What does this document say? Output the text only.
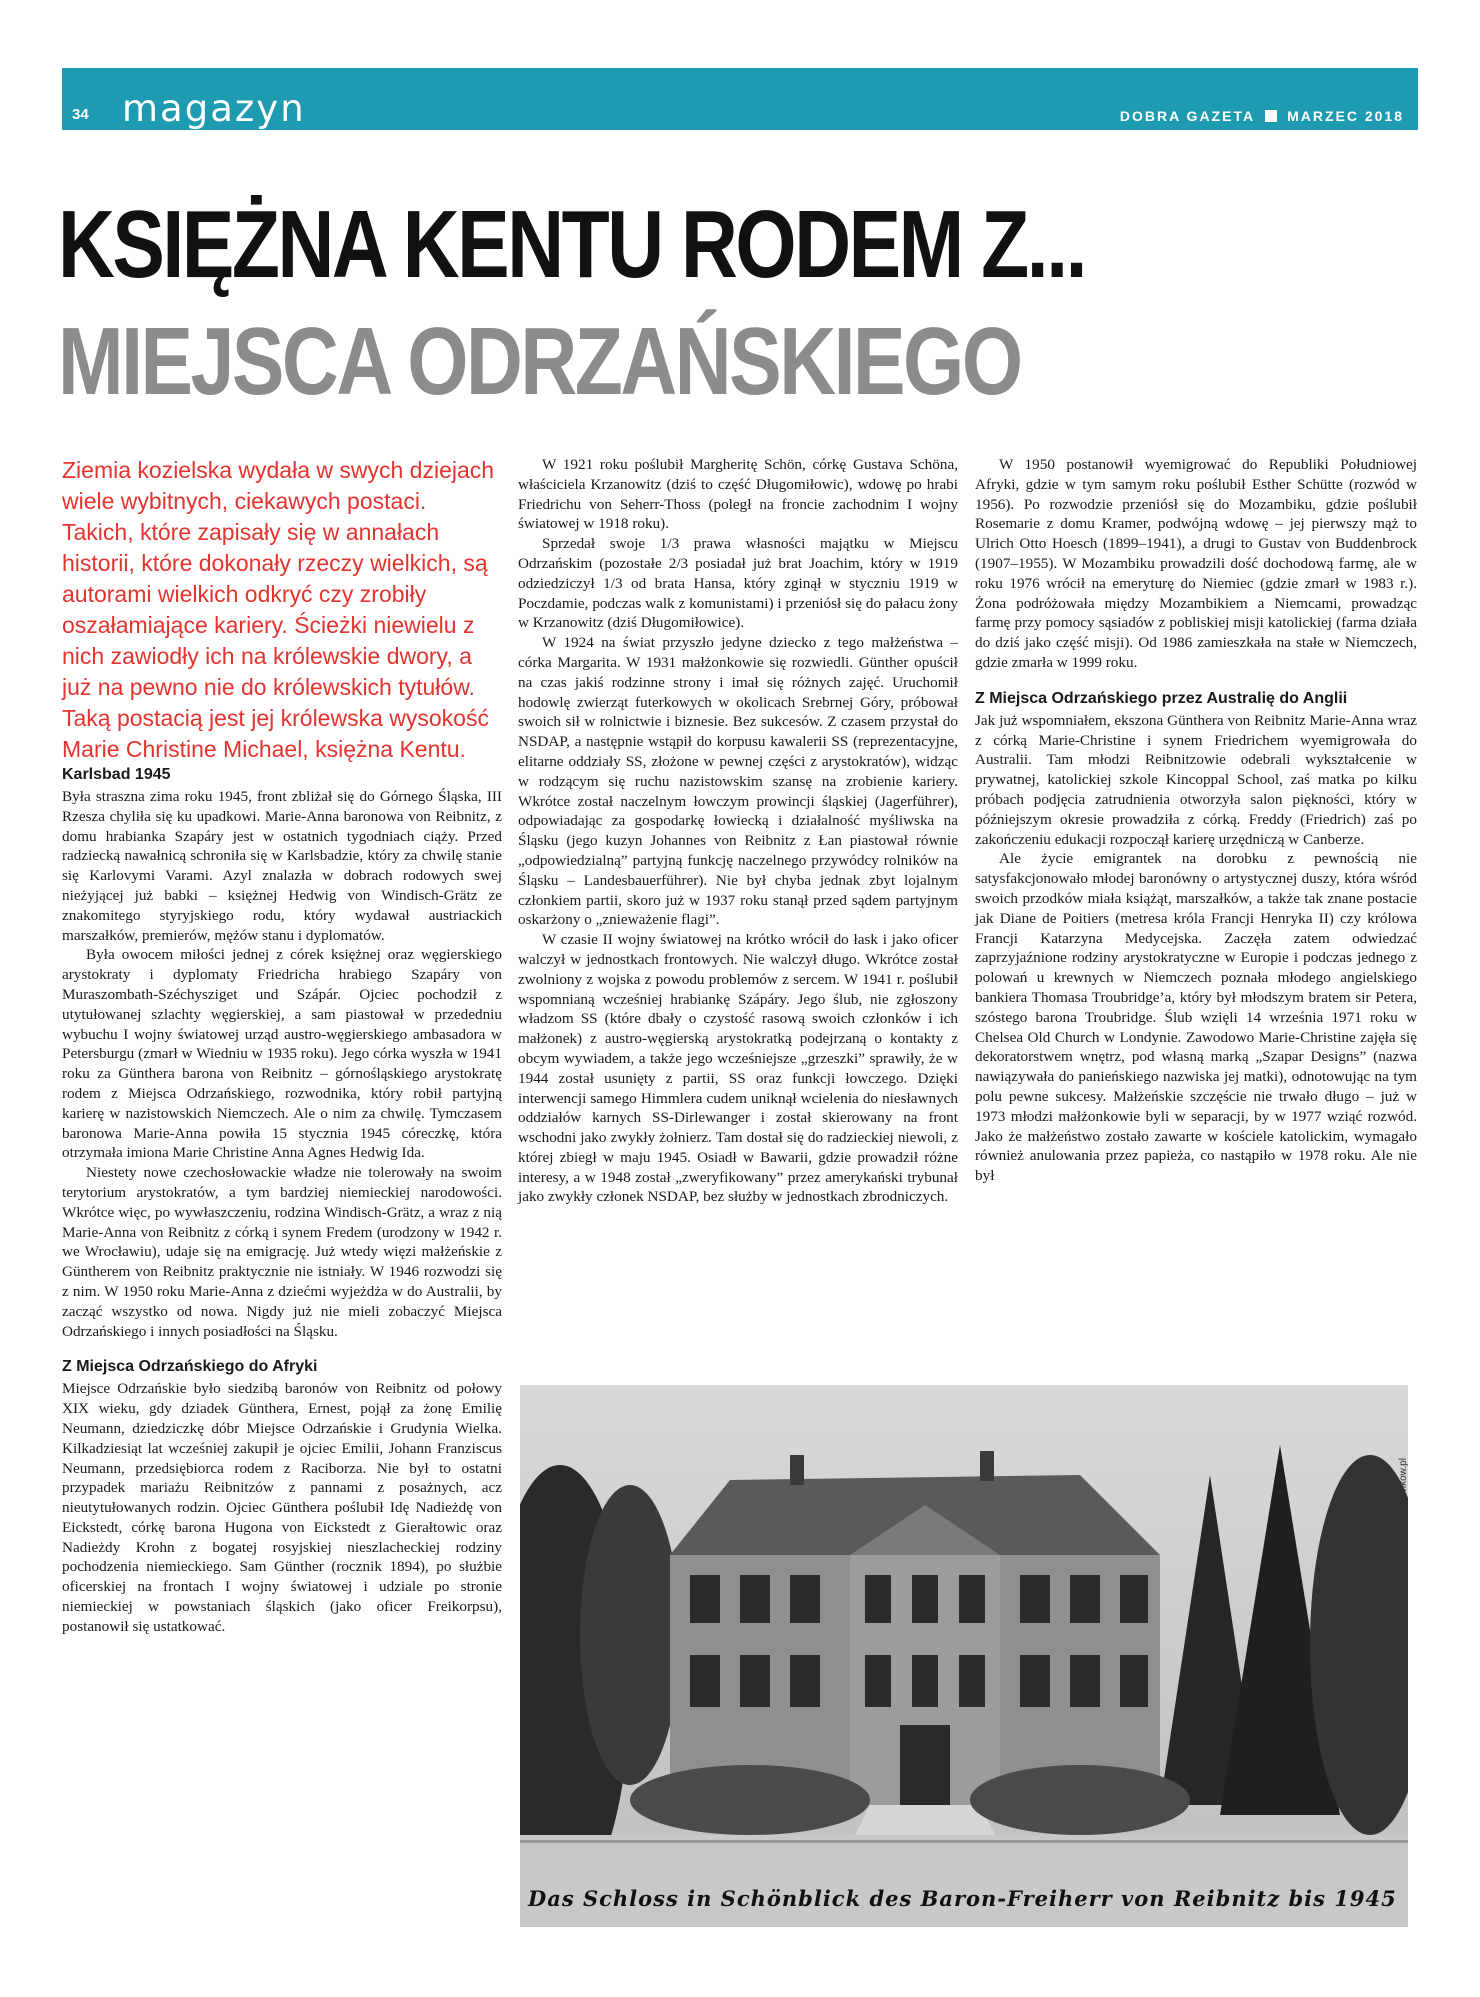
34 magazyn	DOBRA GAZETA MARZEC 2018
KSIĘŻNA KENTU RODEM Z...
MIEJSCA ODRZAŃSKIEGO

Ziemia kozielska wydała w swych dziejach wiele wybitnych, ciekawych postaci. Takich, które zapisały się w annałach historii, które dokonały rzeczy wielkich, są autorami wielkich odkryć czy zrobiły oszałamiające kariery. Ścieżki niewielu z nich zawiodły ich na królewskie dwory, a już na pewno nie do królewskich tytułów. Taką postacią jest jej królewska wysokość Marie Christine Michael, księżna Kentu.

Karlsbad 1945

Była straszna zima roku 1945, front zbliżał się do Górnego Śląska, III Rzesza chyliła się ku upadkowi. Marie-Anna baronowa von Reibnitz, z domu hrabianka Szapáry jest w ostatnich tygodniach ciąży. Przed radziecką nawałnicą schroniła się w Karlsbadzie, który za chwilę stanie się Karlovymi Varami. Azyl znalazła w dobrach rodowych swej nieżyjącej już babki – księżnej Hedwig von Windisch-Grätz ze znakomitego styryjskiego rodu, który wydawał austriackich marszałków, premierów, mężów stanu i dyplomatów.

Była owocem miłości jednej z córek księżnej oraz węgierskiego arystokraty i dyplomaty Friedricha hrabiego Szapáry von Muraszombath-Széchysziget und Szápár. Ojciec pochodził z utytułowanej szlachty węgierskiej, a sam piastował w przededniu wybuchu I wojny światowej urząd austro-węgierskiego ambasadora w Petersburgu (zmarł w Wiedniu w 1935 roku). Jego córka wyszła w 1941 roku za Günthera barona von Reibnitz – górnośląskiego arystokratę rodem z Miejsca Odrzańskiego, rozwodnika, który robił partyjną karierę w nazistowskich Niemczech. Ale o nim za chwilę. Tymczasem baronowa Marie-Anna powiła 15 stycznia 1945 córeczkę, która otrzymała imiona Marie Christine Anna Agnes Hedwig Ida.

Niestety nowe czechosłowackie władze nie tolerowały na swoim terytorium arystokratów, a tym bardziej niemieckiej narodowości. Wkrótce więc, po wywłaszczeniu, rodzina Windisch-Grätz, a wraz z nią Marie-Anna von Reibnitz z córką i synem Fredem (urodzony w 1942 r. we Wrocławiu), udaje się na emigrację. Już wtedy więzi małżeńskie z Güntherem von Reibnitz praktycznie nie istniały. W 1946 rozwodzi się z nim. W 1950 roku Marie-Anna z dziećmi wyjeżdża w do Australii, by zacząć wszystko od nowa. Nigdy już nie mieli zobaczyć Miejsca Odrzańskiego i innych posiadłości na Śląsku.

Z Miejsca Odrzańskiego do Afryki

Miejsce Odrzańskie było siedzibą baronów von Reibnitz od połowy XIX wieku, gdy dziadek Günthera, Ernest, pojął za żonę Emilię Neumann, dziedziczkę dóbr Miejsce Odrzańskie i Grudynia Wielka. Kilkadziesiąt lat wcześniej zakupił je ojciec Emilii, Johann Franziscus Neumann, przedsiębiorca rodem z Raciborza. Nie był to ostatni przypadek mariażu Reibnitzów z pannami z posażnych, acz nieutytułowanych rodzin. Ojciec Günthera poślubił Idę Nadieżdę von Eickstedt, córkę barona Hugona von Eickstedt z Gierałtowic oraz Nadieżdy Krohn z bogatej rosyjskiej nieszlacheckiej rodziny pochodzenia niemieckiego. Sam Günther (rocznik 1894), po służbie oficerskiej na frontach I wojny światowej i udziale po stronie niemieckiej w powstaniach śląskich (jako oficer Freikorpsu), postanowił się ustatkować.

W 1921 roku poślubił Margheritę Schön, córkę Gustava Schöna, właściciela Krzanowitz (dziś to część Długomiłowic), wdowę po hrabi Friedrichu von Seherr-Thoss (poległ na froncie zachodnim I wojny światowej w 1918 roku).

Sprzedał swoje 1/3 prawa własności majątku w Miejscu Odrzańskim (pozostałe 2/3 posiadał już brat Joachim, który w 1919 odziedziczył 1/3 od brata Hansa, który zginął w styczniu 1919 w Poczdamie, podczas walk z komunistami) i przeniósł się do pałacu żony w Krzanowitz (dziś Długomiłowice).

W 1924 na świat przyszło jedyne dziecko z tego małżeństwa – córka Margarita. W 1931 małżonkowie się rozwiedli. Günther opuścił na czas jakiś rodzinne strony i imał się różnych zajęć. Uruchomił hodowlę zwierząt futerkowych w okolicach Srebrnej Góry, próbował swoich sił w rolnictwie i biznesie. Bez sukcesów. Z czasem przystał do NSDAP, a następnie wstąpił do korpusu kawalerii SS (reprezentacyjne, elitarne oddziały SS, złożone w pewnej części z arystokratów), widząc w rodzącym się ruchu nazistowskim szansę na zrobienie kariery. Wkrótce został naczelnym łowczym prowincji śląskiej (Jagerführer), odpowiadając za gospodarkę łowiecką i działalność myśliwska na Śląsku (jego kuzyn Johannes von Reibnitz z Łan piastował równie „odpowiedzialną” partyjną funkcję naczelnego przywódcy rolników na Śląsku – Landesbauerführer). Nie był chyba jednak zbyt lojalnym członkiem partii, skoro już w 1937 roku stanął przed sądem partyjnym oskarżony o „znieważenie flagi”.

W czasie II wojny światowej na krótko wrócił do łask i jako oficer walczył w jednostkach frontowych. Nie walczył długo. Wkrótce został zwolniony z wojska z powodu problemów z sercem. W 1941 r. poślubił wspomnianą wcześniej hrabiankę Szápáry. Jego ślub, nie zgłoszony władzom SS (które dbały o czystość rasową swoich członków i ich małżonek) z austro-węgierską arystokratką podejrzaną o kontakty z obcym wywiadem, a także jego wcześniejsze „grzeszki” sprawiły, że w 1944 został usunięty z partii, SS oraz funkcji łowczego. Dzięki interwencji samego Himmlera cudem uniknął wcielenia do niesławnych oddziałów karnych SS-Dirlewanger i został skierowany na front wschodni jako zwykły żołnierz. Tam dostał się do radzieckiej niewoli, z której zbiegł w maju 1945. Osiadł w Bawarii, gdzie prowadził różne interesy, a w 1948 został „zweryfikowany” przez amerykański trybunał jako zwykły członek NSDAP, bez służby w jednostkach zbrodniczych.

W 1950 postanowił wyemigrować do Republiki Południowej Afryki, gdzie w tym samym roku poślubił Esther Schütte (rozwód w 1956). Po rozwodzie przeniósł się do Mozambiku, gdzie poślubił Rosemarie z domu Kramer, podwójną wdowę – jej pierwszy mąż to Ulrich Otto Hoesch (1899–1941), a drugi to Gustav von Buddenbrock (1907–1955). W Mozambiku prowadzili dość dochodową farmę, ale w roku 1976 wrócił na emeryturę do Niemiec (gdzie zmarł w 1983 r.). Żona podróżowała między Mozambikiem a Niemcami, prowadząc farmę przy pomocy sąsiadów z pobliskiej misji katolickiej (farma działa do dziś jako część misji). Od 1986 zamieszkała na stałe w Niemczech, gdzie zmarła w 1999 roku.

Z Miejsca Odrzańskiego przez Australię do Anglii

Jak już wspomniałem, ekszona Günthera von Reibnitz Marie-Anna wraz z córką Marie-Christine i synem Friedrichem wyemigrowała do Australii. Tam młodzi Reibnitzowie odebrali wykształcenie w prywatnej, katolickiej szkole Kincoppal School, zaś matka po kilku próbach podjęcia zatrudnienia otworzyła salon piękności, który w późniejszym okresie prowadziła z córką. Freddy (Friedrich) zaś po zakończeniu edukacji rozpoczął karierę urzędniczą w Canberze.

Ale życie emigrantek na dorobku z pewnością nie satysfakcjonowało młodej baronówny o artystycznej duszy, która wśród swoich przodków miała książąt, marszałków, a także tak znane postacie jak Diane de Poitiers (metresa króla Francji Henryka II) czy królowa Francji Katarzyna Medycejska. Zaczęła zatem odwiedzać zaprzyjaźnione rodziny arystokratyczne w Europie i podczas jednego z polowań u krewnych w Niemczech poznała młodego angielskiego bankiera Thomasa Troubridge’a, który był młodszym bratem sir Petera, szóstego barona Troubridge. Ślub wzięli 14 września 1971 roku w Chelsea Old Church w Londynie. Zawodowo Marie-Christine zajęła się dekoratorstwem wnętrz, pod własną marką „Szapar Designs” (nazwa nawiązywała do panieńskiego nazwiska jej matki), odnotowując na tym polu pewne sukcesy. Małżeńskie szczęście nie trwało długo – już w 1973 młodzi małżonkowie byli w separacji, by w 1977 wziąć rozwód. Jako że małżeństwo zostało zawarte w kościele katolickim, wymagało również anulowania przez papieża, co nastąpiło w 1978 roku. Ale nie był

Das Schloss in Schönblick des Baron-Freiherr von Reibnitz bis 1945
www.slawikow.pl
